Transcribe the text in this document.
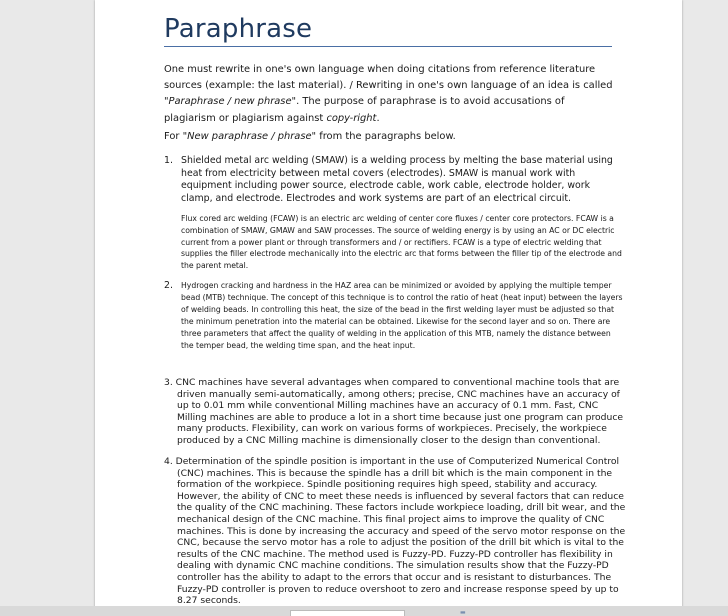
Paraphrase

One must rewrite in one's own language when doing citations from reference literature sources (example: the last material). / Rewriting in one's own language of an idea is called "Paraphrase / new phrase". The purpose of paraphrase is to avoid accusations of plagiarism or plagiarism against copy-right.

For "New paraphrase / phrase" from the paragraphs below.

1. Shielded metal arc welding (SMAW) is a welding process by melting the base material using heat from electricity between metal covers (electrodes). SMAW is manual work with equipment including power source, electrode cable, work cable, electrode holder, work clamp, and electrode. Electrodes and work systems are part of an electrical circuit.

Flux cored arc welding (FCAW) is an electric arc welding of center core fluxes / center core protectors. FCAW is a combination of SMAW, GMAW and SAW processes. The source of welding energy is by using an AC or DC electric current from a power plant or through transformers and / or rectifiers. FCAW is a type of electric welding that supplies the filler electrode mechanically into the electric arc that forms between the filler tip of the electrode and the parent metal.

2. Hydrogen cracking and hardness in the HAZ area can be minimized or avoided by applying the multiple temper bead (MTB) technique. The concept of this technique is to control the ratio of heat (heat input) between the layers of welding beads. In controlling this heat, the size of the bead in the first welding layer must be adjusted so that the minimum penetration into the material can be obtained. Likewise for the second layer and so on. There are three parameters that affect the quality of welding in the application of this MTB, namely the distance between the temper bead, the welding time span, and the heat input.

3. CNC machines have several advantages when compared to conventional machine tools that are driven manually semi-automatically, among others; precise, CNC machines have an accuracy of up to 0.01 mm while conventional Milling machines have an accuracy of 0.1 mm. Fast, CNC Milling machines are able to produce a lot in a short time because just one program can produce many products. Flexibility, can work on various forms of workpieces. Precisely, the workpiece produced by a CNC Milling machine is dimensionally closer to the design than conventional.

4. Determination of the spindle position is important in the use of Computerized Numerical Control (CNC) machines. This is because the spindle has a drill bit which is the main component in the formation of the workpiece. Spindle positioning requires high speed, stability and accuracy. However, the ability of CNC to meet these needs is influenced by several factors that can reduce the quality of the CNC machining. These factors include workpiece loading, drill bit wear, and the mechanical design of the CNC machine. This final project aims to improve the quality of CNC machines. This is done by increasing the accuracy and speed of the servo motor response on the CNC, because the servo motor has a role to adjust the position of the drill bit which is vital to the results of the CNC machine. The method used is Fuzzy-PD. Fuzzy-PD controller has flexibility in dealing with dynamic CNC machine conditions. The simulation results show that the Fuzzy-PD controller has the ability to adapt to the errors that occur and is resistant to disturbances. The Fuzzy-PD controller is proven to reduce overshoot to zero and increase response speed by up to 8.27 seconds.

▬
